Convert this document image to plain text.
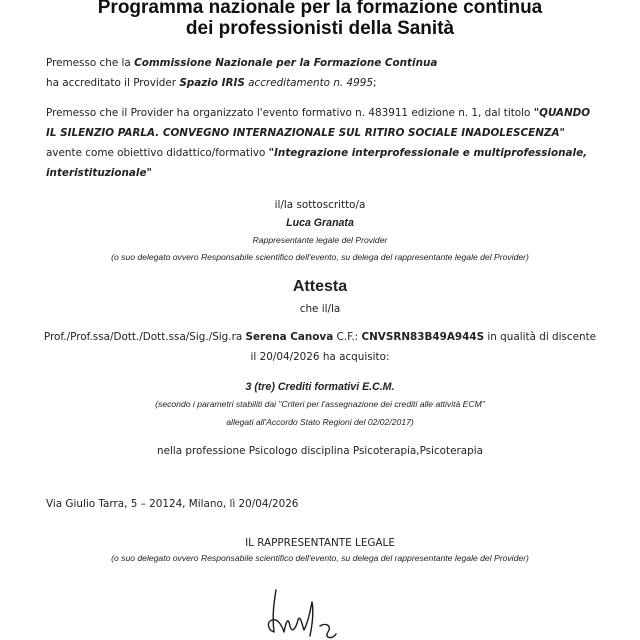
Programma nazionale per la formazione continua
dei professionisti della Sanità
Premesso che la Commissione Nazionale per la Formazione Continua
ha accreditato il Provider Spazio IRIS accreditamento n. 4995;
Premesso che il Provider ha organizzato l'evento formativo n. 483911 edizione n. 1, dal titolo "QUANDO IL SILENZIO PARLA. CONVEGNO INTERNAZIONALE SUL RITIRO SOCIALE INADOLESCENZA" avente come obiettivo didattico/formativo "Integrazione interprofessionale e multiprofessionale, interistituzionale"
il/la sottoscritto/a
Luca Granata
Rappresentante legale del Provider
(o suo delegato ovvero Responsabile scientifico dell'evento, su delega del rappresentante legale del Provider)
Attesta
che il/la
Prof./Prof.ssa/Dott./Dott.ssa/Sig./Sig.ra Serena Canova C.F.: CNVSRN83B49A944S in qualità di discente
il 20/04/2026 ha acquisito:
3 (tre) Crediti formativi E.C.M.
(secondo i parametri stabiliti dai "Criteri per l'assegnazione dei crediti alle attività ECM"
allegati all'Accordo Stato Regioni del 02/02/2017)
nella professione Psicologo disciplina Psicoterapia,Psicoterapia
Via Giulio Tarra, 5 – 20124, Milano, lì 20/04/2026
IL RAPPRESENTANTE LEGALE
(o suo delegato ovvero Responsabile scientifico dell'evento, su delega del rappresentante legale del Provider)
